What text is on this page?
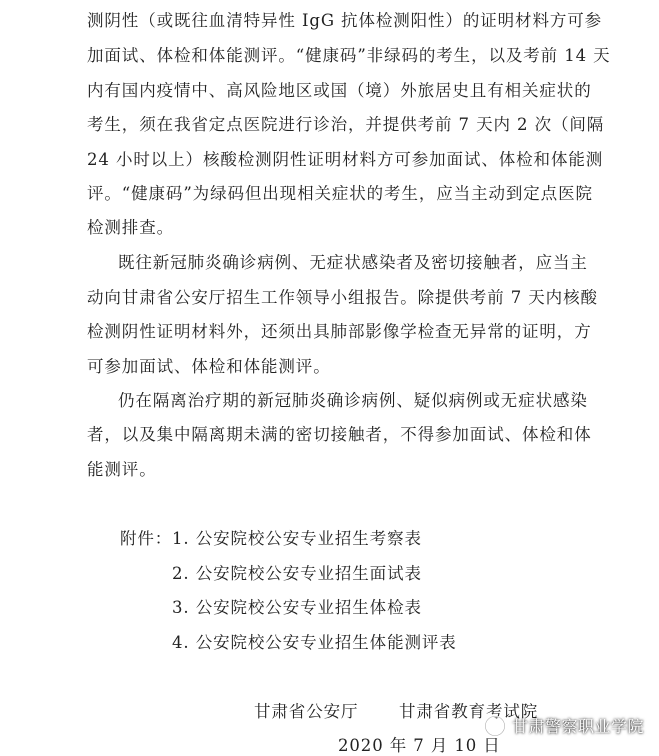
测阴性（或既往血清特异性 IgG 抗体检测阳性）的证明材料方可参
加面试、体检和体能测评。“健康码”非绿码的考生，以及考前 14 天
内有国内疫情中、高风险地区或国（境）外旅居史且有相关症状的
考生，须在我省定点医院进行诊治，并提供考前 7 天内 2 次（间隔
24 小时以上）核酸检测阴性证明材料方可参加面试、体检和体能测
评。“健康码”为绿码但出现相关症状的考生，应当主动到定点医院
检测排查。
既往新冠肺炎确诊病例、无症状感染者及密切接触者，应当主
动向甘肃省公安厅招生工作领导小组报告。除提供考前 7 天内核酸
检测阴性证明材料外，还须出具肺部影像学检查无异常的证明，方
可参加面试、体检和体能测评。
仍在隔离治疗期的新冠肺炎确诊病例、疑似病例或无症状感染
者，以及集中隔离期未满的密切接触者，不得参加面试、体检和体
能测评。
附件： 1. 公安院校公安专业招生考察表
2. 公安院校公安专业招生面试表
3. 公安院校公安专业招生体检表
4. 公安院校公安专业招生体能测评表
甘肃省公安厅 甘肃省教育考试院
2020 年 7 月 10 日
甘肃警察职业学院
